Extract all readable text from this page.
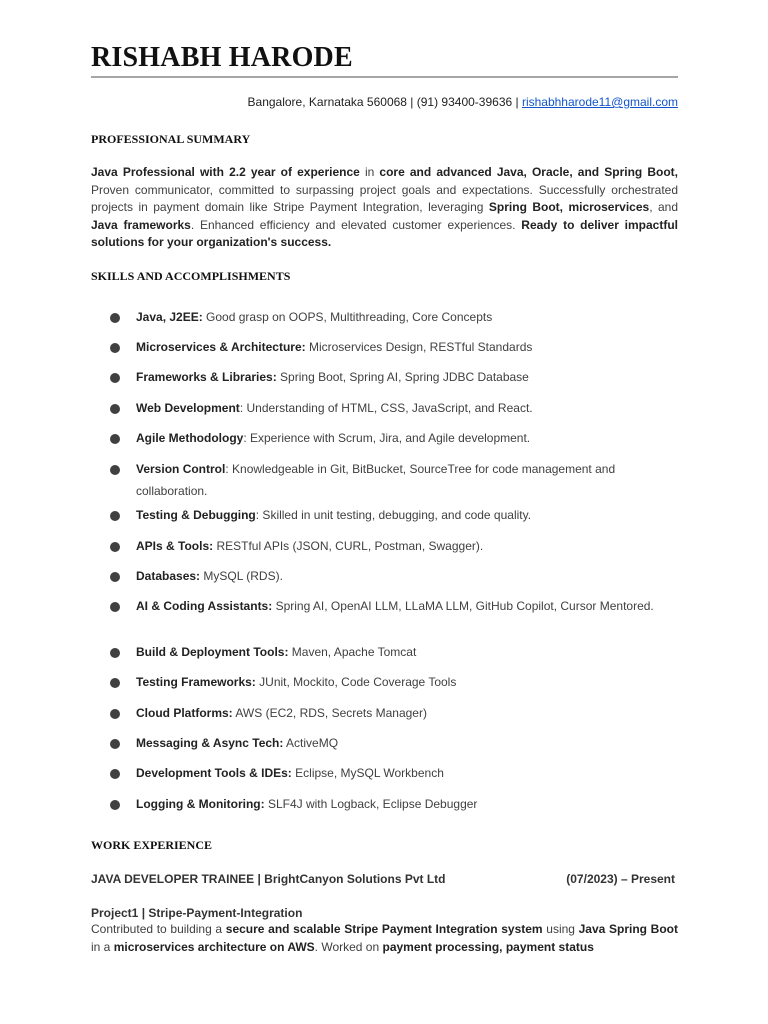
RISHABH HARODE
Bangalore, Karnataka 560068 | (91) 93400-39636 | rishabhharode11@gmail.com
PROFESSIONAL SUMMARY
Java Professional with 2.2 year of experience in core and advanced Java, Oracle, and Spring Boot, Proven communicator, committed to surpassing project goals and expectations. Successfully orchestrated projects in payment domain like Stripe Payment Integration, leveraging Spring Boot, microservices, and Java frameworks. Enhanced efficiency and elevated customer experiences. Ready to deliver impactful solutions for your organization's success.
SKILLS AND ACCOMPLISHMENTS
Java, J2EE: Good grasp on OOPS, Multithreading, Core Concepts
Microservices & Architecture: Microservices Design, RESTful Standards
Frameworks & Libraries: Spring Boot, Spring AI, Spring JDBC Database
Web Development: Understanding of HTML, CSS, JavaScript, and React.
Agile Methodology: Experience with Scrum, Jira, and Agile development.
Version Control: Knowledgeable in Git, BitBucket, SourceTree for code management and collaboration.
Testing & Debugging: Skilled in unit testing, debugging, and code quality.
APIs & Tools: RESTful APIs (JSON, CURL, Postman, Swagger).
Databases: MySQL (RDS).
AI & Coding Assistants: Spring AI, OpenAI LLM, LLaMA LLM, GitHub Copilot, Cursor Mentored.
Build & Deployment Tools: Maven, Apache Tomcat
Testing Frameworks: JUnit, Mockito, Code Coverage Tools
Cloud Platforms: AWS (EC2, RDS, Secrets Manager)
Messaging & Async Tech: ActiveMQ
Development Tools & IDEs: Eclipse, MySQL Workbench
Logging & Monitoring: SLF4J with Logback, Eclipse Debugger
WORK EXPERIENCE
JAVA DEVELOPER TRAINEE | BrightCanyon Solutions Pvt Ltd	(07/2023) – Present
Project1 | Stripe-Payment-Integration
Contributed to building a secure and scalable Stripe Payment Integration system using Java Spring Boot in a microservices architecture on AWS. Worked on payment processing, payment status
